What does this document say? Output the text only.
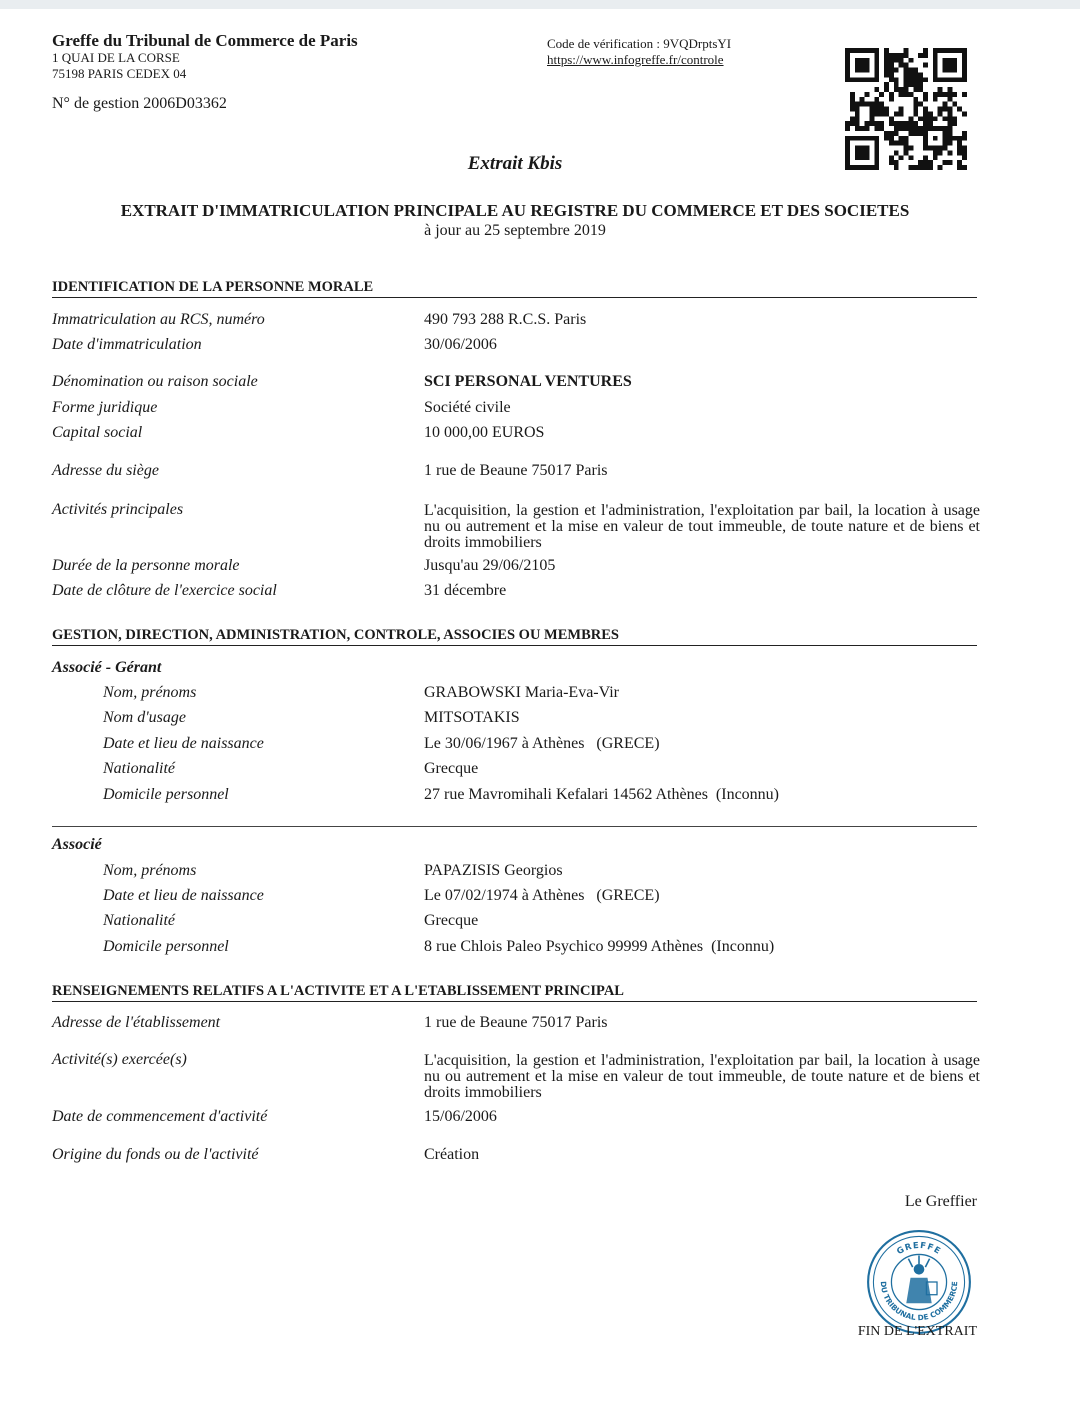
Greffe du Tribunal de Commerce de Paris
1 QUAI DE LA CORSE
75198 PARIS CEDEX 04
N° de gestion 2006D03362
Code de vérification : 9VQDrptsYI
https://www.infogreffe.fr/controle
Extrait Kbis
EXTRAIT D'IMMATRICULATION PRINCIPALE AU REGISTRE DU COMMERCE ET DES SOCIETES
à jour au 25 septembre 2019
IDENTIFICATION DE LA PERSONNE MORALE
Immatriculation au RCS, numéro	490 793 288 R.C.S. Paris
Date d'immatriculation	30/06/2006
Dénomination ou raison sociale	SCI PERSONAL VENTURES
Forme juridique	Société civile
Capital social	10 000,00 EUROS
Adresse du siège	1 rue de Beaune 75017 Paris
Activités principales	L'acquisition, la gestion et l'administration, l'exploitation par bail, la location à usage nu ou autrement et la mise en valeur de tout immeuble, de toute nature et de biens et droits immobiliers
Durée de la personne morale	Jusqu'au 29/06/2105
Date de clôture de l'exercice social	31 décembre
GESTION, DIRECTION, ADMINISTRATION, CONTROLE, ASSOCIES OU MEMBRES
Associé - Gérant
Nom, prénoms	GRABOWSKI Maria-Eva-Vir
Nom d'usage	MITSOTAKIS
Date et lieu de naissance	Le 30/06/1967 à Athènes   (GRECE)
Nationalité	Grecque
Domicile personnel	27 rue Mavromihali Kefalari 14562 Athènes  (Inconnu)
Associé
Nom, prénoms	PAPAZISIS Georgios
Date et lieu de naissance	Le 07/02/1974 à Athènes   (GRECE)
Nationalité	Grecque
Domicile personnel	8 rue Chlois Paleo Psychico 99999 Athènes  (Inconnu)
RENSEIGNEMENTS RELATIFS A L'ACTIVITE ET A L'ETABLISSEMENT PRINCIPAL
Adresse de l'établissement	1 rue de Beaune 75017 Paris
Activité(s) exercée(s)	L'acquisition, la gestion et l'administration, l'exploitation par bail, la location à usage nu ou autrement et la mise en valeur de tout immeuble, de toute nature et de biens et droits immobiliers
Date de commencement d'activité	15/06/2006
Origine du fonds ou de l'activité	Création
Le Greffier
GREFFE
DU TRIBUNAL DE COMMERCE
FIN DE L'EXTRAIT
